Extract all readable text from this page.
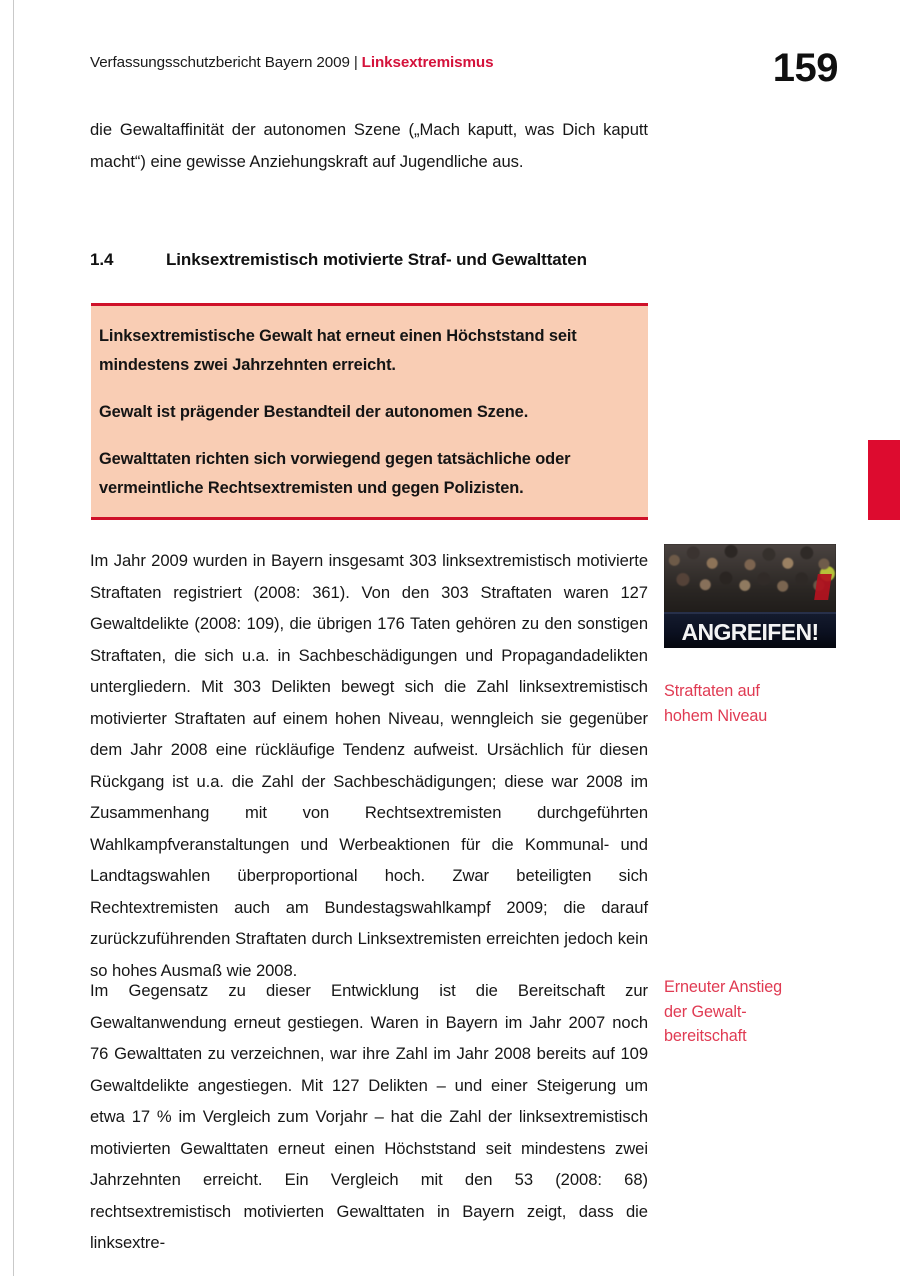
Verfassungsschutzbericht Bayern 2009 | Linksextremismus	159

die Gewaltaffinität der autonomen Szene („Mach kaputt, was Dich kaputt macht“) eine gewisse Anziehungskraft auf Jugendliche aus.

1.4	Linksextremistisch motivierte Straf- und Gewalttaten

Linksextremistische Gewalt hat erneut einen Höchststand seit mindestens zwei Jahrzehnten erreicht.

Gewalt ist prägender Bestandteil der autonomen Szene.

Gewalttaten richten sich vorwiegend gegen tatsächliche oder vermeintliche Rechtsextremisten und gegen Polizisten.

Im Jahr 2009 wurden in Bayern insgesamt 303 linksextremistisch motivierte Straftaten registriert (2008: 361). Von den 303 Straftaten waren 127 Gewaltdelikte (2008: 109), die übrigen 176 Taten gehören zu den sonstigen Straftaten, die sich u.a. in Sachbeschädigungen und Propagandadelikten untergliedern. Mit 303 Delikten bewegt sich die Zahl linksextremistisch motivierter Straftaten auf einem hohen Niveau, wenngleich sie gegenüber dem Jahr 2008 eine rückläufige Tendenz aufweist. Ursächlich für diesen Rückgang ist u.a. die Zahl der Sachbeschädigungen; diese war 2008 im Zusammenhang mit von Rechtsextremisten durchgeführten Wahlkampfveranstaltungen und Werbeaktionen für die Kommunal- und Landtagswahlen überproportional hoch. Zwar beteiligten sich Rechtextremisten auch am Bundestagswahlkampf 2009; die darauf zurückzuführenden Straftaten durch Linksextremisten erreichten jedoch kein so hohes Ausmaß wie 2008.

Im Gegensatz zu dieser Entwicklung ist die Bereitschaft zur Gewaltanwendung erneut gestiegen. Waren in Bayern im Jahr 2007 noch 76 Gewalttaten zu verzeichnen, war ihre Zahl im Jahr 2008 bereits auf 109 Gewaltdelikte angestiegen. Mit 127 Delikten – und einer Steigerung um etwa 17 % im Vergleich zum Vorjahr – hat die Zahl der linksextremistisch motivierten Gewalttaten erneut einen Höchststand seit mindestens zwei Jahrzehnten erreicht. Ein Vergleich mit den 53 (2008: 68) rechtsextremistisch motivierten Gewalttaten in Bayern zeigt, dass die linksextre-

ANGREIFEN!
Straftaten auf
hohem Niveau
Erneuter Anstieg
der Gewalt-
bereitschaft
